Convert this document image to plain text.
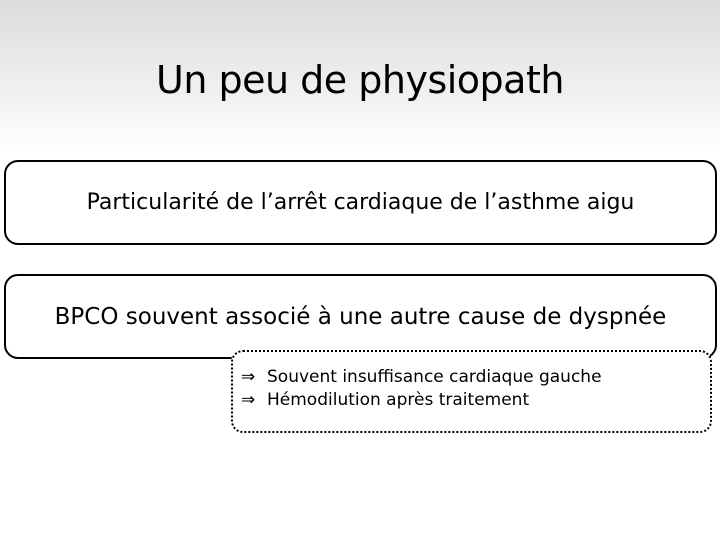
Un peu de physiopath
Particularité de l’arrêt cardiaque de l’asthme aigu
BPCO souvent associé à une autre cause de dyspnée
⇒ Souvent insuffisance cardiaque gauche
⇒ Hémodilution après traitement
